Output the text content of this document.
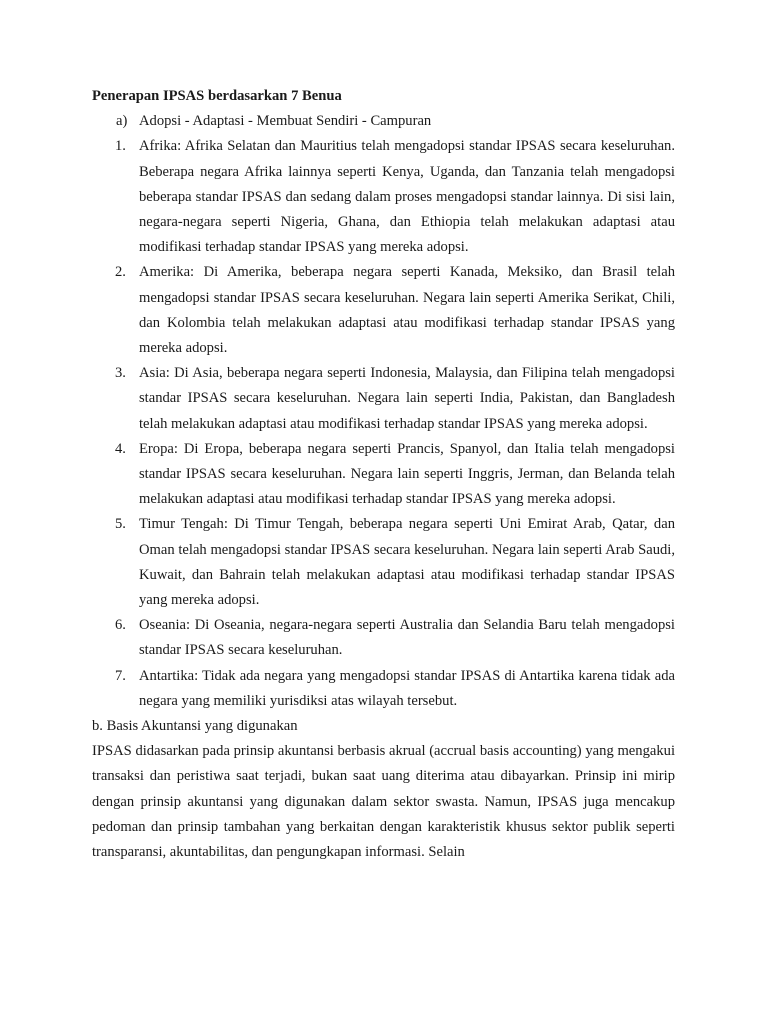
Penerapan IPSAS berdasarkan 7 Benua

a) Adopsi - Adaptasi - Membuat Sendiri - Campuran

1. Afrika: Afrika Selatan dan Mauritius telah mengadopsi standar IPSAS secara keseluruhan. Beberapa negara Afrika lainnya seperti Kenya, Uganda, dan Tanzania telah mengadopsi beberapa standar IPSAS dan sedang dalam proses mengadopsi standar lainnya. Di sisi lain, negara-negara seperti Nigeria, Ghana, dan Ethiopia telah melakukan adaptasi atau modifikasi terhadap standar IPSAS yang mereka adopsi.
2. Amerika: Di Amerika, beberapa negara seperti Kanada, Meksiko, dan Brasil telah mengadopsi standar IPSAS secara keseluruhan. Negara lain seperti Amerika Serikat, Chili, dan Kolombia telah melakukan adaptasi atau modifikasi terhadap standar IPSAS yang mereka adopsi.
3. Asia: Di Asia, beberapa negara seperti Indonesia, Malaysia, dan Filipina telah mengadopsi standar IPSAS secara keseluruhan. Negara lain seperti India, Pakistan, dan Bangladesh telah melakukan adaptasi atau modifikasi terhadap standar IPSAS yang mereka adopsi.
4. Eropa: Di Eropa, beberapa negara seperti Prancis, Spanyol, dan Italia telah mengadopsi standar IPSAS secara keseluruhan. Negara lain seperti Inggris, Jerman, dan Belanda telah melakukan adaptasi atau modifikasi terhadap standar IPSAS yang mereka adopsi.
5. Timur Tengah: Di Timur Tengah, beberapa negara seperti Uni Emirat Arab, Qatar, dan Oman telah mengadopsi standar IPSAS secara keseluruhan. Negara lain seperti Arab Saudi, Kuwait, dan Bahrain telah melakukan adaptasi atau modifikasi terhadap standar IPSAS yang mereka adopsi.
6. Oseania: Di Oseania, negara-negara seperti Australia dan Selandia Baru telah mengadopsi standar IPSAS secara keseluruhan.
7. Antartika: Tidak ada negara yang mengadopsi standar IPSAS di Antartika karena tidak ada negara yang memiliki yurisdiksi atas wilayah tersebut.

b. Basis Akuntansi yang digunakan

IPSAS didasarkan pada prinsip akuntansi berbasis akrual (accrual basis accounting) yang mengakui transaksi dan peristiwa saat terjadi, bukan saat uang diterima atau dibayarkan. Prinsip ini mirip dengan prinsip akuntansi yang digunakan dalam sektor swasta. Namun, IPSAS juga mencakup pedoman dan prinsip tambahan yang berkaitan dengan karakteristik khusus sektor publik seperti transparansi, akuntabilitas, dan pengungkapan informasi. Selain
